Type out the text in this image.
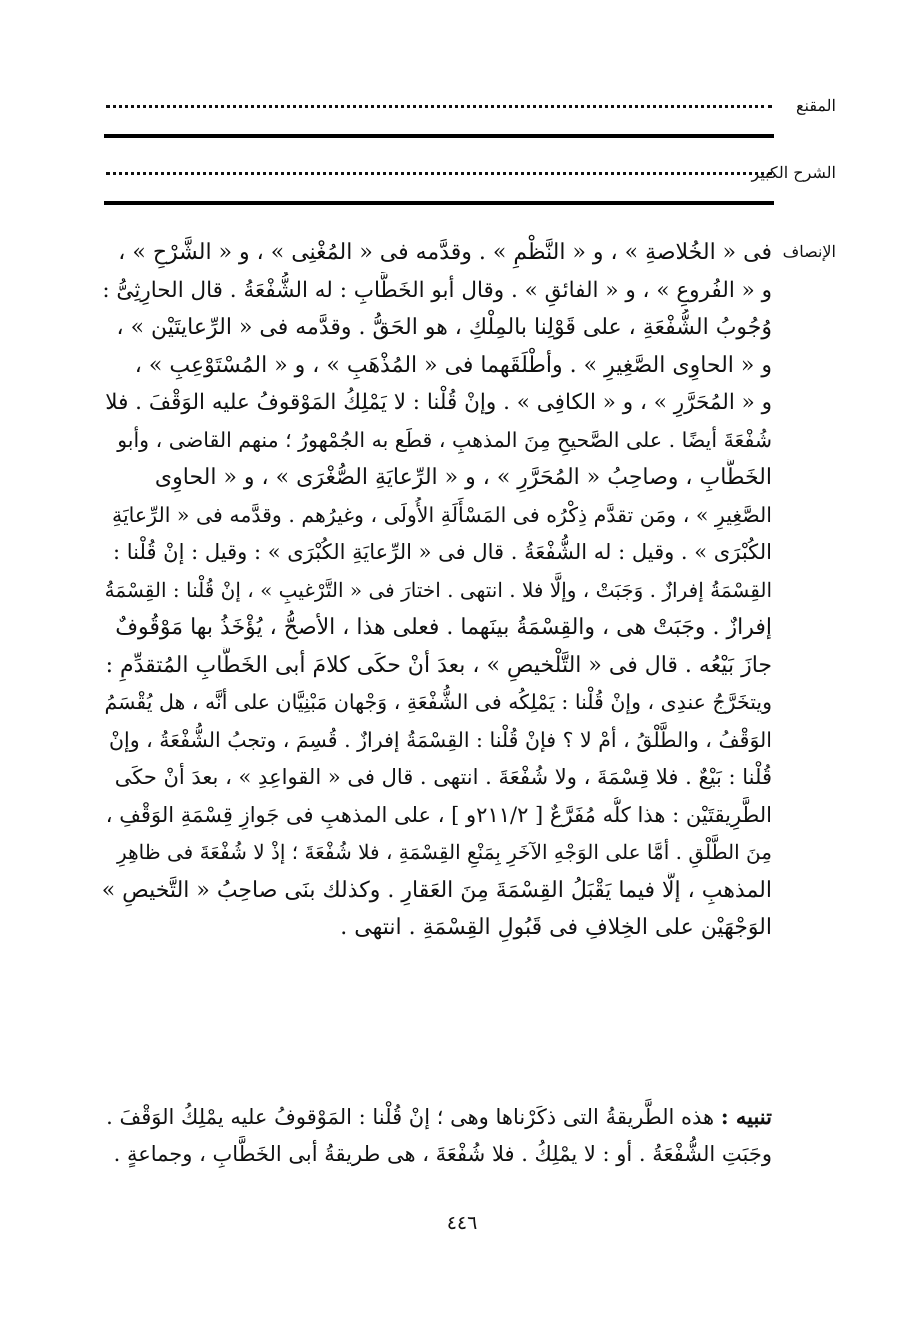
المقنع
الشرح الكبير
الإنصاف
فى « الخُلاصةِ » ، و « النَّظْمِ » . وقدَّمه فى « المُغْنِى » ، و « الشَّرْحِ » ،
و « الفُروعِ » ، و « الفائقِ » . وقال أبو الخَطَّابِ : له الشُّفْعَةُ . قال الحارِثِىُّ :
وُجُوبُ الشُّفْعَةِ ، على قَوْلِنا بالمِلْكِ ، هو الحَقُّ . وقدَّمه فى « الرِّعايتَيْن » ،
و « الحاوِى الصَّغِيرِ » . وأطْلَقَهما فى « المُذْهَبِ » ، و « المُسْتَوْعِبِ » ،
و « المُحَرَّرِ » ، و « الكافِى » . وإنْ قُلْنا : لا يَمْلِكُ المَوْقوفُ عليه الوَقْفَ . فلا
شُفْعَةَ أيضًا . على الصَّحيحِ مِنَ المذهبِ ، قطَع به الجُمْهورُ ؛ منهم القاضى ، وأبو
الخَطَّابِ ، وصاحِبُ « المُحَرَّرِ » ، و « الرِّعايَةِ الصُّغْرَى » ، و « الحاوِى
الصَّغِيرِ » ، ومَن تقدَّم ذِكْرُه فى المَسْأَلَةِ الأُولَى ، وغيرُهم . وقدَّمه فى « الرِّعايَةِ
الكُبْرَى » . وقيل : له الشُّفْعَةُ . قال فى « الرِّعايَةِ الكُبْرَى » : وقيل : إنْ قُلْنا :
القِسْمَةُ إفرازٌ . وَجَبَتْ ، وإلَّا فلا . انتهى . اختارَ فى « التَّرْغيبِ » ، إنْ قُلْنا : القِسْمَةُ
إفرازٌ . وجَبَتْ هى ، والقِسْمَةُ بينَهما . فعلى هذا ، الأصحُّ ، يُؤْخَذُ بها مَوْقُوفٌ
جازَ بَيْعُه . قال فى « التَّلْخيصِ » ، بعدَ أنْ حكَى كلامَ أبى الخَطَّابِ المُتقدِّمِ :
ويتخَرَّجُ عندِى ، وإنْ قُلْنا : يَمْلِكُه فى الشُّفْعَةِ ، وَجْهان مَبْنِيَّان على أنَّه ، هل يُقْسَمُ
الوَقْفُ ، والطَّلْقُ ، أمْ لا ؟ فإنْ قُلْنا : القِسْمَةُ إفرازٌ . قُسِمَ ، وتجبُ الشُّفْعَةُ ، وإنْ
قُلْنا : بَيْعٌ . فلا قِسْمَةَ ، ولا شُفْعَةَ . انتهى . قال فى « القواعِدِ » ، بعدَ أنْ حكَى
الطَّرِيقتَيْن : هذا كلُّه مُفَرَّعٌ [ ٢١١/٢و ] ، على المذهبِ فى جَوازِ قِسْمَةِ الوَقْفِ ،
مِنَ الطَّلْقِ . أمَّا على الوَجْهِ الآخَرِ بِمَنْعِ القِسْمَةِ ، فلا شُفْعَةَ ؛ إذْ لا شُفْعَةَ فى ظاهِرِ
المذهبِ ، إلَّا فيما يَقْبَلُ القِسْمَةَ مِنَ العَقارِ . وكذلك بنَى صاحِبُ « التَّخيصِ »
الوَجْهَيْن على الخِلافِ فى قَبُولِ القِسْمَةِ . انتهى .
تنبيه : هذه الطَّريقةُ التى ذكَرْناها وهى ؛ إنْ قُلْنا : المَوْقوفُ عليه يمْلِكُ الوَقْفَ .
وجَبَتِ الشُّفْعَةُ . أو : لا يمْلِكُ . فلا شُفْعَةَ ، هى طريقةُ أبى الخَطَّابِ ، وجماعةٍ .
٤٤٦
